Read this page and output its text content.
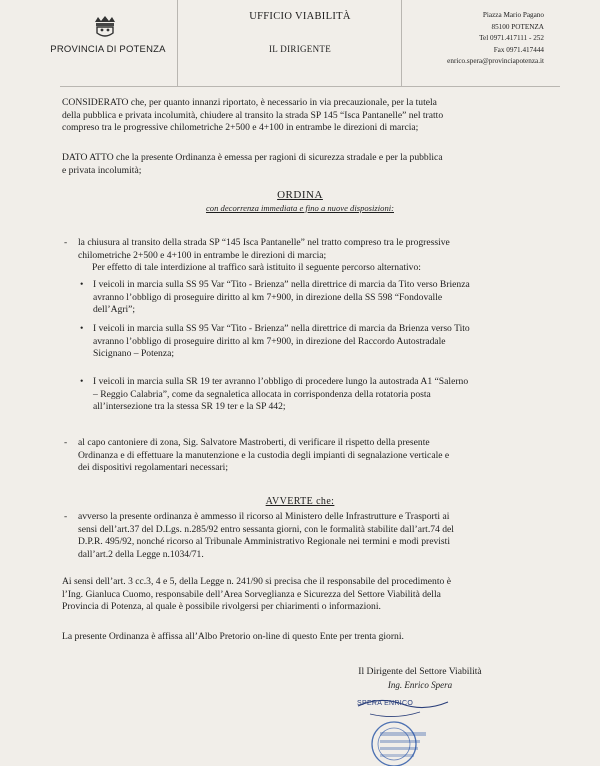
PROVINCIA DI POTENZA
UFFICIO VIABILITÀ
IL DIRIGENTE
Piazza Mario Pagano
85100 POTENZA
Tel 0971.417111 - 252
Fax 0971.417444
enrico.spera@provinciapotenza.it
CONSIDERATO che, per quanto innanzi riportato, è necessario in via precauzionale, per la tutela
della pubblica e privata incolumità, chiudere al transito la strada SP 145 “Isca Pantanelle” nel tratto
compreso tra le progressive chilometriche 2+500 e 4+100 in entrambe le direzioni di marcia;
DATO ATTO che la presente Ordinanza è emessa per ragioni di sicurezza stradale e per la pubblica
e privata incolumità;
ORDINA
con decorrenza immediata e fino a nuove disposizioni:
- la chiusura al transito della strada SP “145 Isca Pantanelle” nel tratto compreso tra le progressive
chilometriche 2+500 e 4+100 in entrambe le direzioni di marcia;
Per effetto di tale interdizione al traffico sarà istituito il seguente percorso alternativo:
• I veicoli in marcia sulla SS 95 Var “Tito - Brienza” nella direttrice di marcia da Tito verso Brienza
avranno l’obbligo di proseguire diritto al km 7+900, in direzione della SS 598 “Fondovalle
dell’Agri”;
• I veicoli in marcia sulla SS 95 Var “Tito - Brienza” nella direttrice di marcia da Brienza verso Tito
avranno l’obbligo di proseguire diritto al km 7+900, in direzione del Raccordo Autostradale
Sicignano – Potenza;
• I veicoli in marcia sulla SR 19 ter avranno l’obbligo di procedere lungo la autostrada A1 “Salerno
– Reggio Calabria”, come da segnaletica allocata in corrispondenza della rotatoria posta
all’intersezione tra la stessa SR 19 ter e la SP 442;
- al capo cantoniere di zona, Sig. Salvatore Mastroberti, di verificare il rispetto della presente
Ordinanza e di effettuare la manutenzione e la custodia degli impianti di segnalazione verticale e
dei dispositivi regolamentari necessari;
AVVERTE che:
- avverso la presente ordinanza è ammesso il ricorso al Ministero delle Infrastrutture e Trasporti ai
sensi dell’art.37 del D.Lgs. n.285/92 entro sessanta giorni, con le formalità stabilite dall’art.74 del
D.P.R. 495/92, nonché ricorso al Tribunale Amministrativo Regionale nei termini e modi previsti
dall’art.2 della Legge n.1034/71.
Ai sensi dell’art. 3 cc.3, 4 e 5, della Legge n. 241/90 si precisa che il responsabile del procedimento è
l’Ing. Gianluca Cuomo, responsabile dell’Area Sorveglianza e Sicurezza del Settore Viabilità della
Provincia di Potenza, al quale è possibile rivolgersi per chiarimenti o informazioni.
La presente Ordinanza è affissa all’Albo Pretorio on-line di questo Ente per trenta giorni.
Il Dirigente del Settore Viabilità
Ing. Enrico Spera
SPERA ENRICO
